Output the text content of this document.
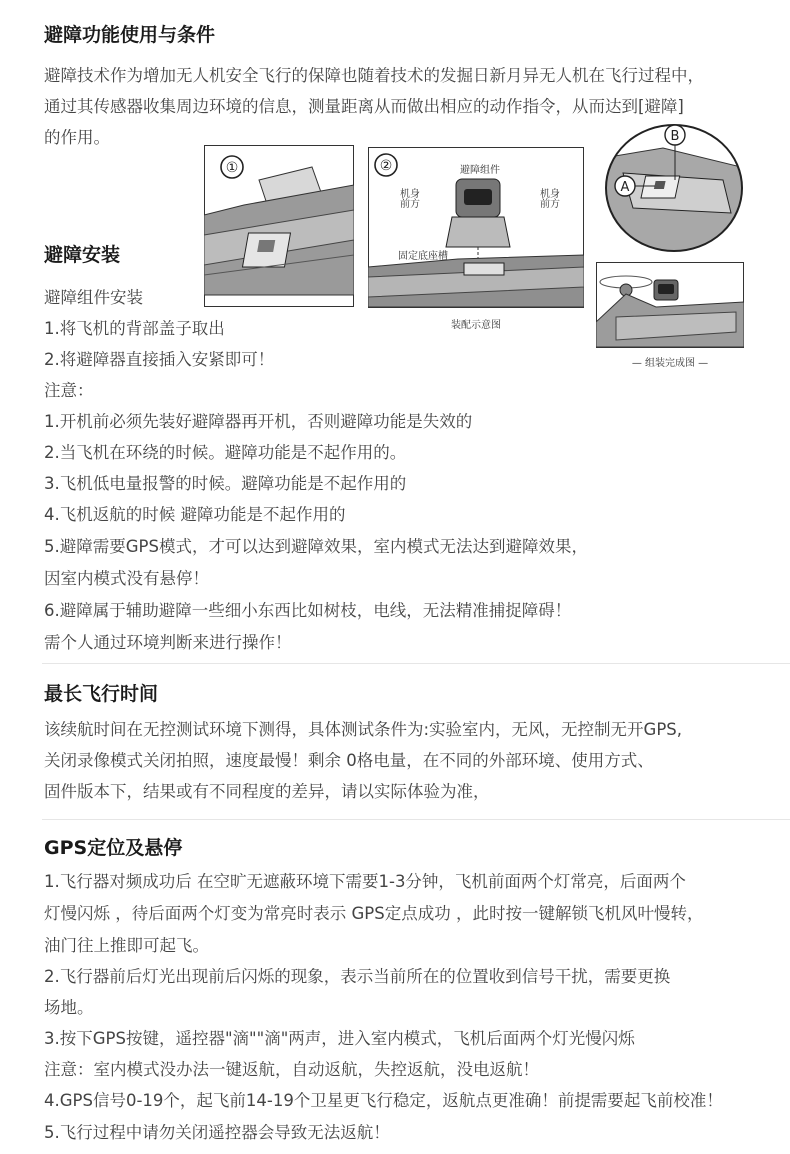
避障功能使用与条件
避障技术作为增加无人机安全飞行的保障也随着技术的发掘日新月异无人机在飞行过程中，
通过其传感器收集周边环境的信息，测量距离从而做出相应的动作指令，从而达到[避障]
的作用。
①	②	避障组件
机身
前方
机身
前方
固定底座槽
装配示意图
B
A
— 组装完成图 —
避障安装
避障组件安装
1.将飞机的背部盖子取出
2.将避障器直接插入安紧即可！
注意：
1.开机前必须先装好避障器再开机，否则避障功能是失效的
2.当飞机在环绕的时候。避障功能是不起作用的。
3.飞机低电量报警的时候。避障功能是不起作用的
4.飞机返航的时候 避障功能是不起作用的
5.避障需要GPS模式，才可以达到避障效果，室内模式无法达到避障效果，
因室内模式没有悬停！
6.避障属于辅助避障一些细小东西比如树枝，电线，无法精准捕捉障碍！
需个人通过环境判断来进行操作！
最长飞行时间
该续航时间在无控测试环境下测得，具体测试条件为:实验室内，无风，无控制无开GPS,
关闭录像模式关闭拍照，速度最慢！剩余 0格电量，在不同的外部环境、使用方式、
固件版本下，结果或有不同程度的差异，请以实际体验为准，
GPS定位及悬停
1.飞行器对频成功后 在空旷无遮蔽环境下需要1-3分钟，飞机前面两个灯常亮，后面两个
灯慢闪烁 ，待后面两个灯变为常亮时表示 GPS定点成功 ，此时按一键解锁飞机风叶慢转，
油门往上推即可起飞。
2.飞行器前后灯光出现前后闪烁的现象，表示当前所在的位置收到信号干扰，需要更换
场地。
3.按下GPS按键，遥控器"滴""滴"两声，进入室内模式，飞机后面两个灯光慢闪烁
注意：室内模式没办法一键返航，自动返航，失控返航，没电返航！
4.GPS信号0-19个，起飞前14-19个卫星更飞行稳定，返航点更准确！前提需要起飞前校准！
5.飞行过程中请勿关闭遥控器会导致无法返航！
